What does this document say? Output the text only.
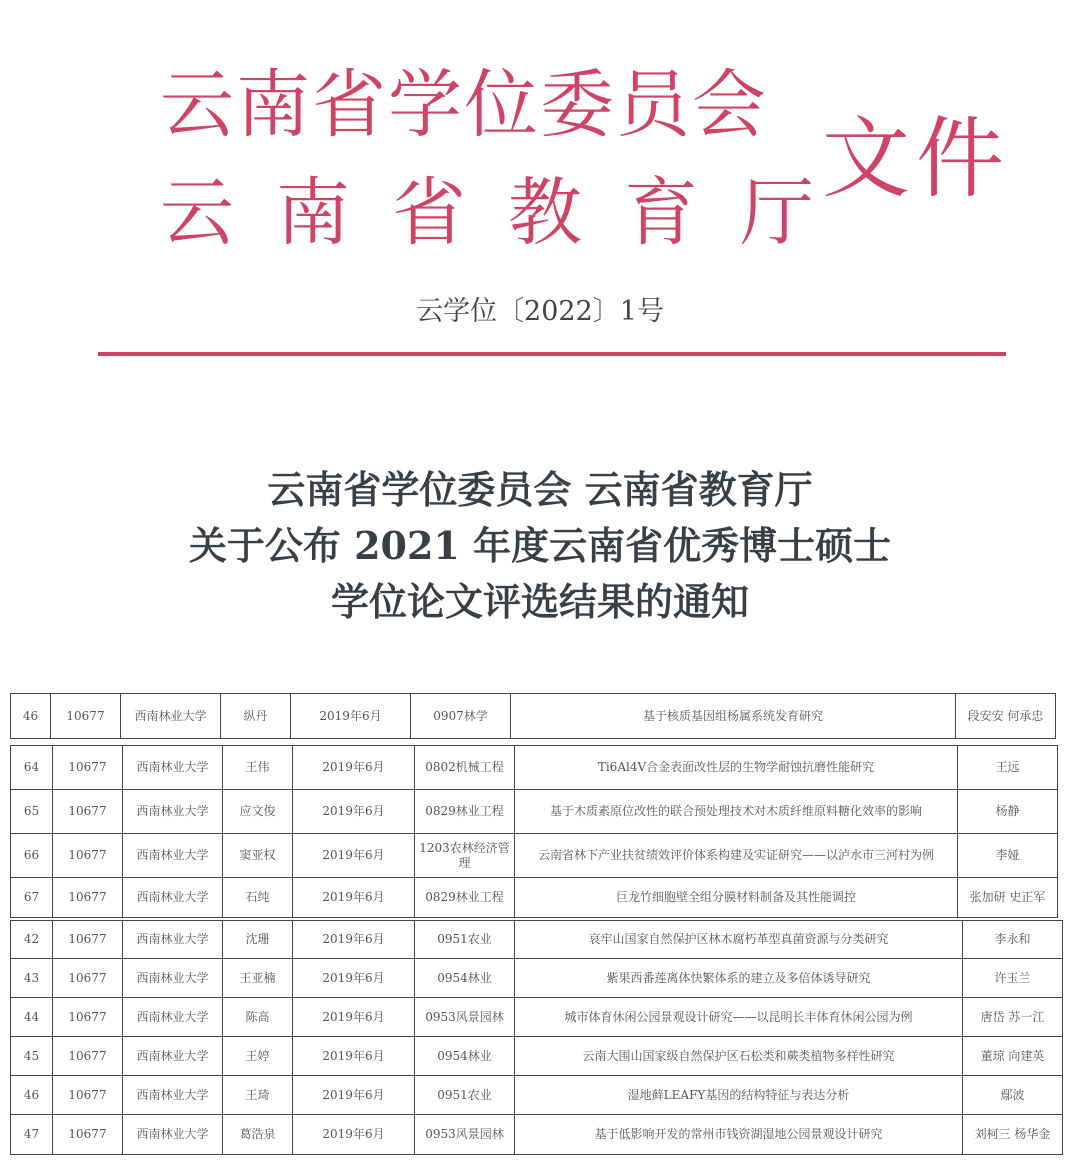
云南省学位委员会
云南省教育厅
文件
云学位〔2022〕1号
云南省学位委员会 云南省教育厅
关于公布 2021 年度云南省优秀博士硕士
学位论文评选结果的通知
46	10677	西南林业大学	纵丹	2019年6月	0907林学	基于核质基因组杨属系统发育研究	段安安 何承忠
64	10677	西南林业大学	王伟	2019年6月	0802机械工程	Ti6Al4V合金表面改性层的生物学耐蚀抗磨性能研究	王远
65	10677	西南林业大学	应文俊	2019年6月	0829林业工程	基于木质素原位改性的联合预处理技术对木质纤维原料糖化效率的影响	杨静
66	10677	西南林业大学	窦亚权	2019年6月	1203农林经济管理	云南省林下产业扶贫绩效评价体系构建及实证研究——以泸水市三河村为例	李娅
67	10677	西南林业大学	石纯	2019年6月	0829林业工程	巨龙竹细胞壁全组分膜材料制备及其性能调控	张加研 史正军
42	10677	西南林业大学	沈珊	2019年6月	0951农业	哀牢山国家自然保护区林木腐朽革型真菌资源与分类研究	李永和
43	10677	西南林业大学	王亚楠	2019年6月	0954林业	紫果西番莲离体快繁体系的建立及多倍体诱导研究	许玉兰
44	10677	西南林业大学	陈高	2019年6月	0953风景园林	城市体育休闲公园景观设计研究——以昆明长丰体育休闲公园为例	唐岱 苏一江
45	10677	西南林业大学	王婷	2019年6月	0954林业	云南大围山国家级自然保护区石松类和蕨类植物多样性研究	董琼 向建英
46	10677	西南林业大学	王琦	2019年6月	0951农业	湿地藓LEAFY基因的结构特征与表达分析	鄢波
47	10677	西南林业大学	葛浩泉	2019年6月	0953风景园林	基于低影响开发的常州市钱资湖湿地公园景观设计研究	刘柯三 杨华金
